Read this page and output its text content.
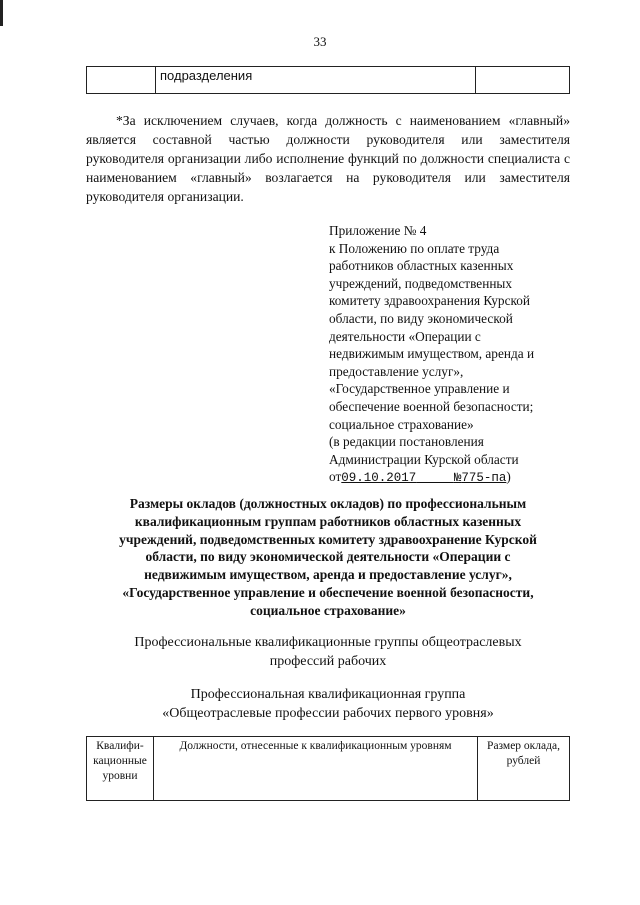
33
	подразделения	

*За исключением случаев, когда должность с наименованием «главный» является составной частью должности руководителя или заместителя руководителя организации либо исполнение функций по должности специалиста с наименованием «главный» возлагается на руководителя или заместителя руководителя организации.

Приложение № 4
к Положению по оплате труда
работников областных казенных
учреждений, подведомственных
комитету здравоохранения Курской
области, по виду экономической
деятельности «Операции с
недвижимым имуществом, аренда и
предоставление услуг»,
«Государственное управление и
обеспечение военной безопасности;
социальное страхование»
(в редакции постановления
Администрации Курской области
от09.10.2017	№775-па)
Размеры окладов (должностных окладов) по профессиональным
квалификационным группам работников областных казенных
учреждений, подведомственных комитету здравоохранение Курской
области, по виду экономической деятельности «Операции с
недвижимым имуществом, аренда и предоставление услуг»,
«Государственное управление и обеспечение военной безопасности,
социальное страхование»
Профессиональные квалификационные группы общеотраслевых
профессий рабочих
Профессиональная квалификационная группа
«Общеотраслевые профессии рабочих первого уровня»
Квалифи-кационные уровни	Должности, отнесенные к квалификационным уровням	Размер оклада, рублей
